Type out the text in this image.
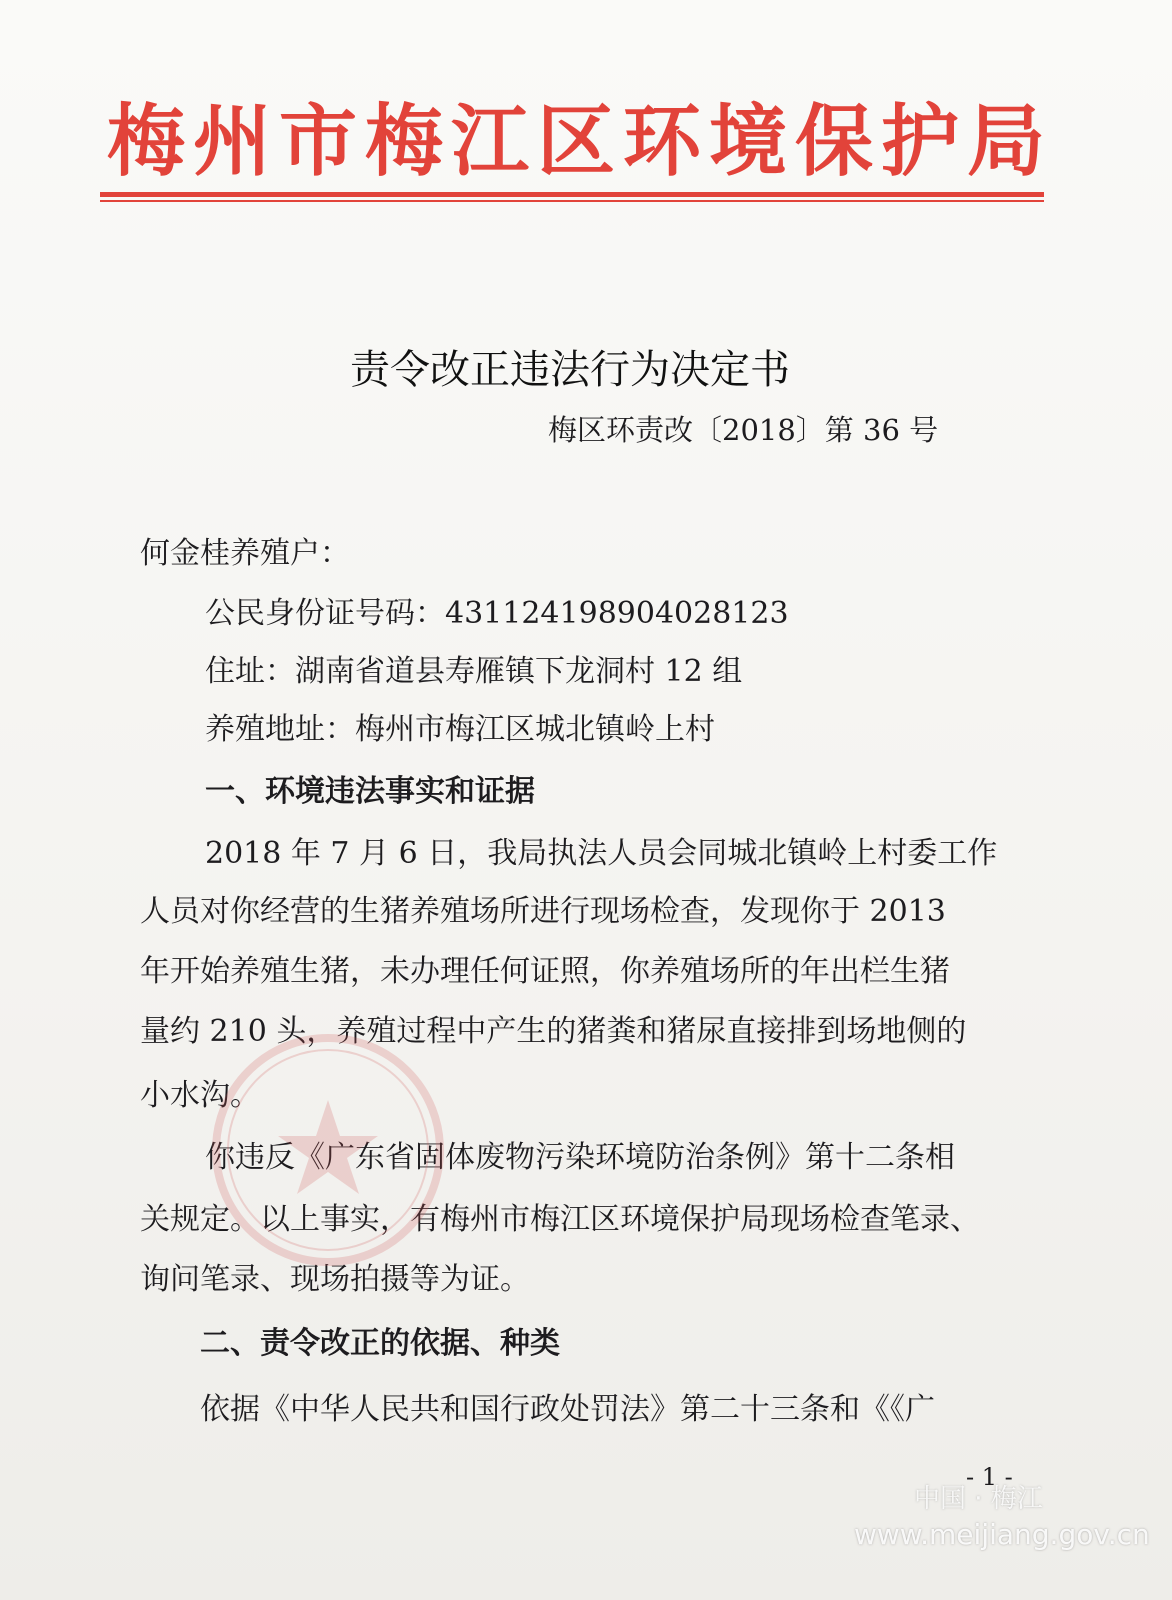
梅州市梅江区环境保护局
责令改正违法行为决定书
梅区环责改〔2018〕第 36 号
何金桂养殖户：
公民身份证号码：431124198904028123
住址：湖南省道县寿雁镇下龙洞村 12 组
养殖地址：梅州市梅江区城北镇岭上村
一、环境违法事实和证据
2018 年 7 月 6 日，我局执法人员会同城北镇岭上村委工作
人员对你经营的生猪养殖场所进行现场检查，发现你于 2013
年开始养殖生猪，未办理任何证照，你养殖场所的年出栏生猪
量约 210 头，养殖过程中产生的猪粪和猪尿直接排到场地侧的
小水沟。
你违反《广东省固体废物污染环境防治条例》第十二条相
关规定。以上事实，有梅州市梅江区环境保护局现场检查笔录、
询问笔录、现场拍摄等为证。
二、责令改正的依据、种类
依据《中华人民共和国行政处罚法》第二十三条和《《广
- 1 -
中国 · 梅江
www.meijiang.gov.cn
